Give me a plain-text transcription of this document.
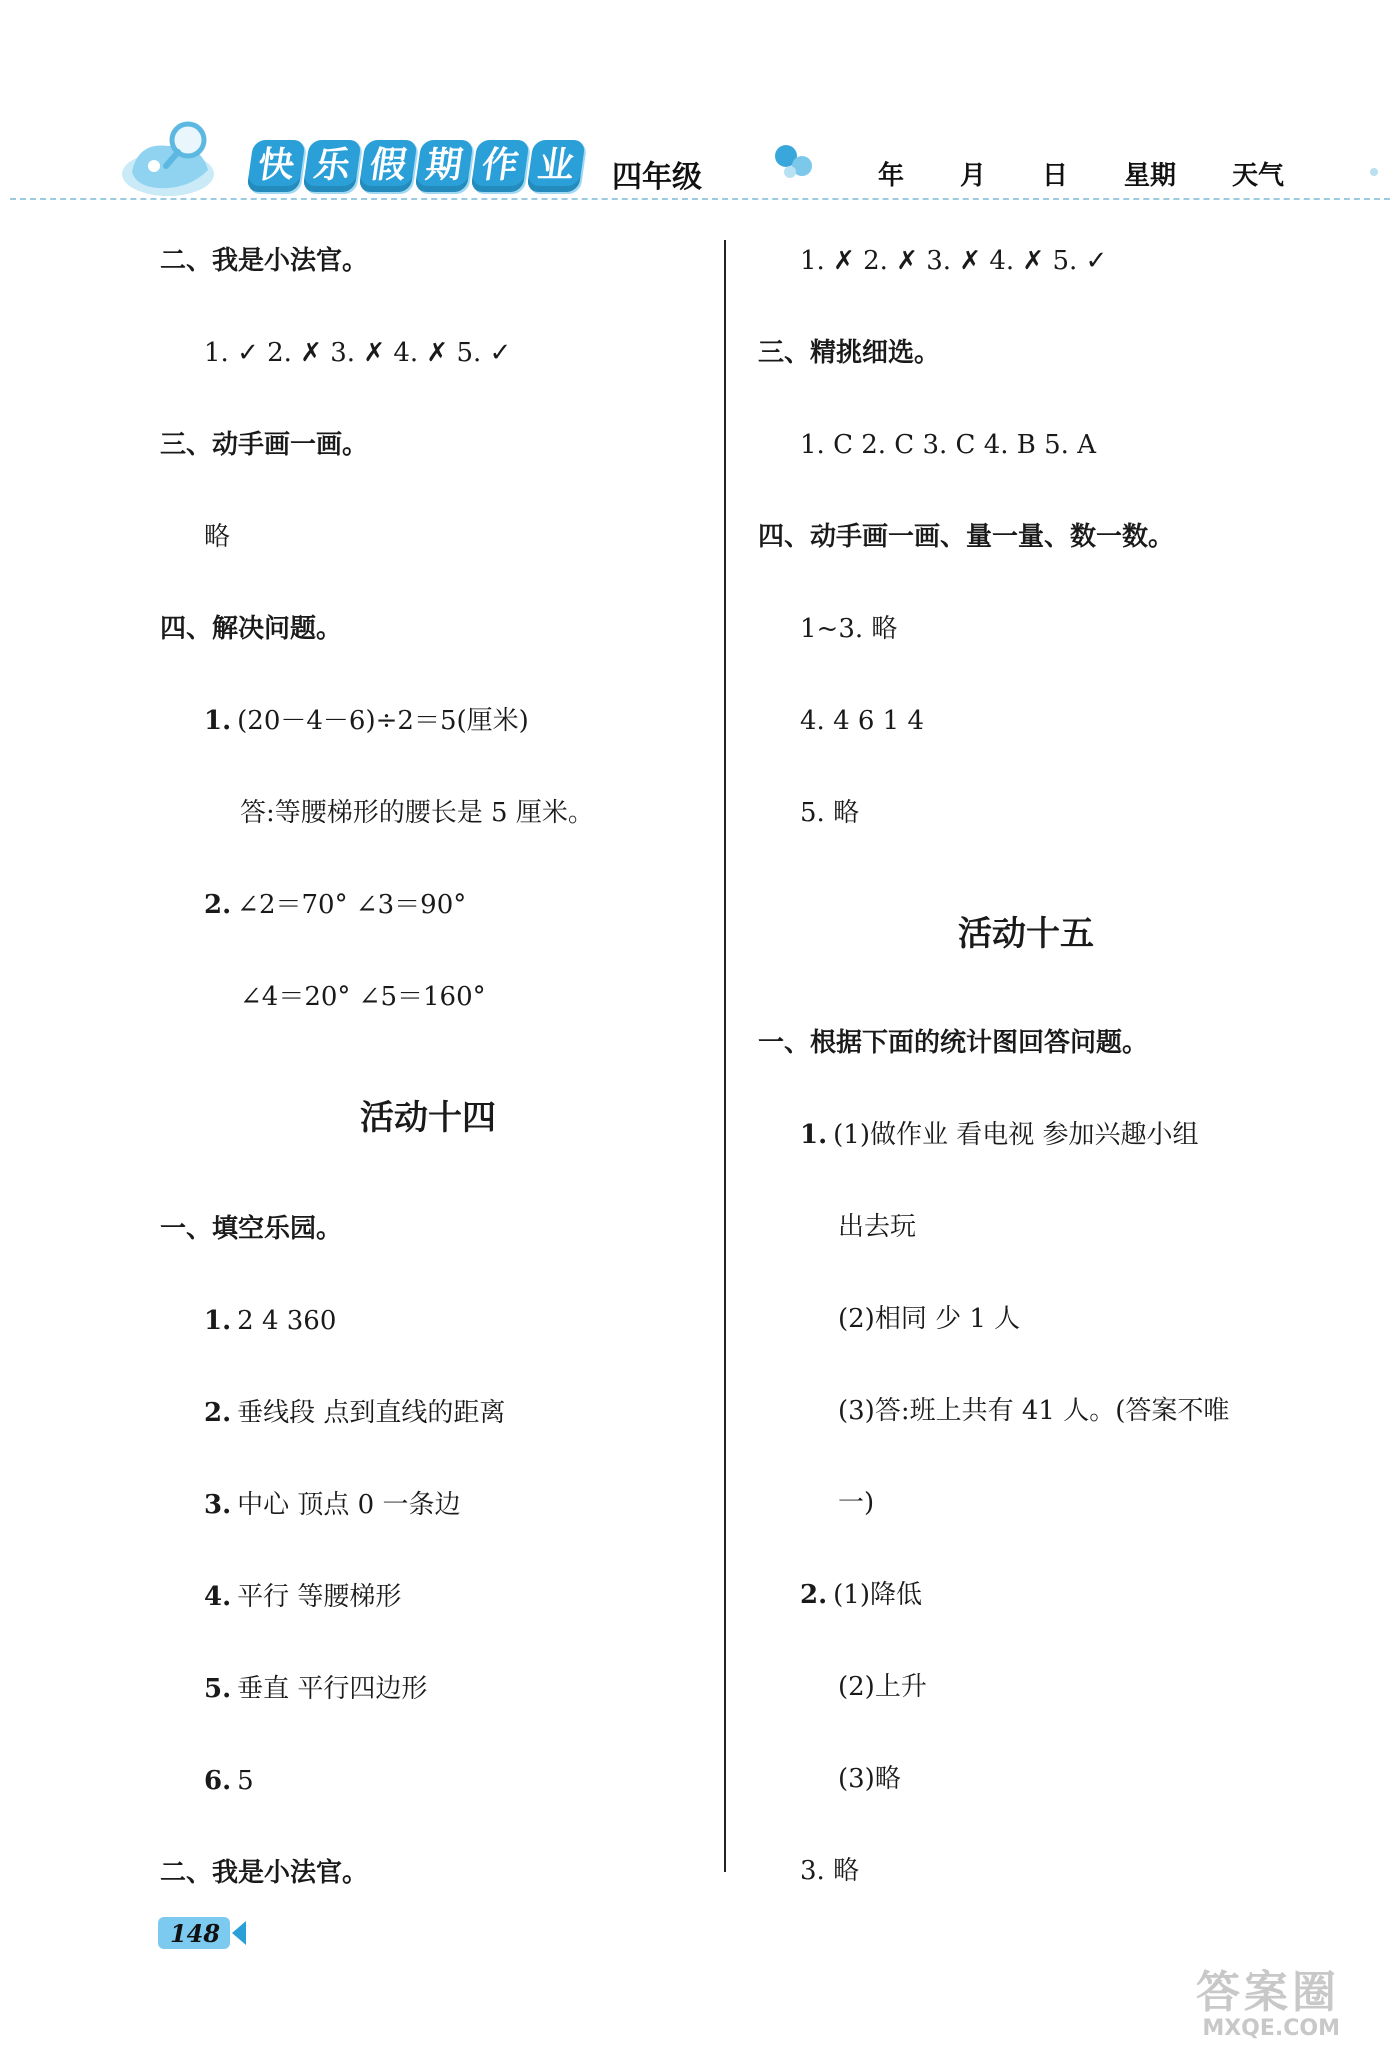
快 乐 假 期 作 业 四年级	年 月 日 星期 天气
二、我是小法官。
1. ✓ 2. ✗ 3. ✗ 4. ✗ 5. ✓
三、动手画一画。
略
四、解决问题。
1. (20－4－6)÷2＝5(厘米)
答:等腰梯形的腰长是 5 厘米。
2. ∠2＝70° ∠3＝90°
∠4＝20° ∠5＝160°
活动十四
一、填空乐园。
1. 2 4 360
2. 垂线段 点到直线的距离
3. 中心 顶点 0 一条边
4. 平行 等腰梯形
5. 垂直 平行四边形
6. 5
二、我是小法官。
1. ✗ 2. ✗ 3. ✗ 4. ✗ 5. ✓
三、精挑细选。
1. C 2. C 3. C 4. B 5. A
四、动手画一画、量一量、数一数。
1~3. 略
4. 4 6 1 4
5. 略
活动十五
一、根据下面的统计图回答问题。
1. (1)做作业 看电视 参加兴趣小组
出去玩
(2)相同 少 1 人
(3)答:班上共有 41 人。(答案不唯
一)
2. (1)降低
(2)上升
(3)略
3. 略
148
答案圈
MXQE.COM
